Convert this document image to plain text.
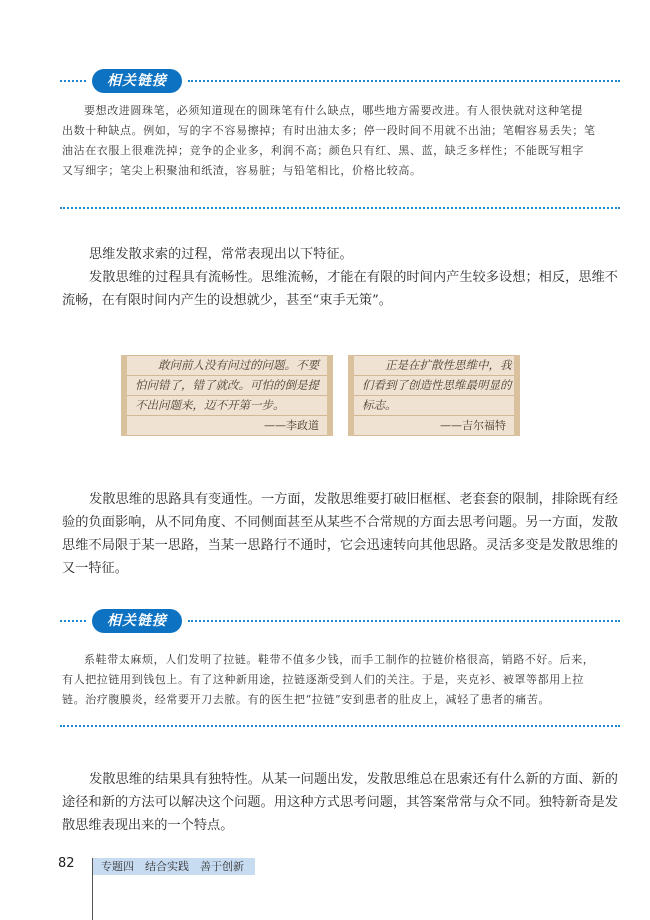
相关链接
要想改进圆珠笔，必须知道现在的圆珠笔有什么缺点，哪些地方需要改进。有人很快就对这种笔提
出数十种缺点。例如，写的字不容易擦掉；有时出油太多；停一段时间不用就不出油；笔帽容易丢失；笔
油沾在衣服上很难洗掉；竞争的企业多，利润不高；颜色只有红、黑、蓝，缺乏多样性；不能既写粗字
又写细字；笔尖上积聚油和纸渣，容易脏；与铅笔相比，价格比较高。
思维发散求索的过程，常常表现出以下特征。
发散思维的过程具有流畅性。思维流畅，才能在有限的时间内产生较多设想；相反，思维不流畅，在有限时间内产生的设想就少，甚至“束手无策”。
　　敢问前人没有问过的问题。不要
怕问错了，错了就改。可怕的倒是提
不出问题来，迈不开第一步。
——李政道
　　正是在扩散性思维中，我
们看到了创造性思维最明显的
标志。
——吉尔福特
发散思维的思路具有变通性。一方面，发散思维要打破旧框框、老套套的限制，排除既有经验的负面影响，从不同角度、不同侧面甚至从某些不合常规的方面去思考问题。另一方面，发散思维不局限于某一思路，当某一思路行不通时，它会迅速转向其他思路。灵活多变是发散思维的又一特征。
相关链接
系鞋带太麻烦，人们发明了拉链。鞋带不值多少钱，而手工制作的拉链价格很高，销路不好。后来，
有人把拉链用到钱包上。有了这种新用途，拉链逐渐受到人们的关注。于是，夹克衫、被罩等都用上拉
链。治疗腹膜炎，经常要开刀去脓。有的医生把“拉链”安到患者的肚皮上，减轻了患者的痛苦。
发散思维的结果具有独特性。从某一问题出发，发散思维总在思索还有什么新的方面、新的途径和新的方法可以解决这个问题。用这种方式思考问题，其答案常常与众不同。独特新奇是发散思维表现出来的一个特点。
82	专题四　结合实践　善于创新
